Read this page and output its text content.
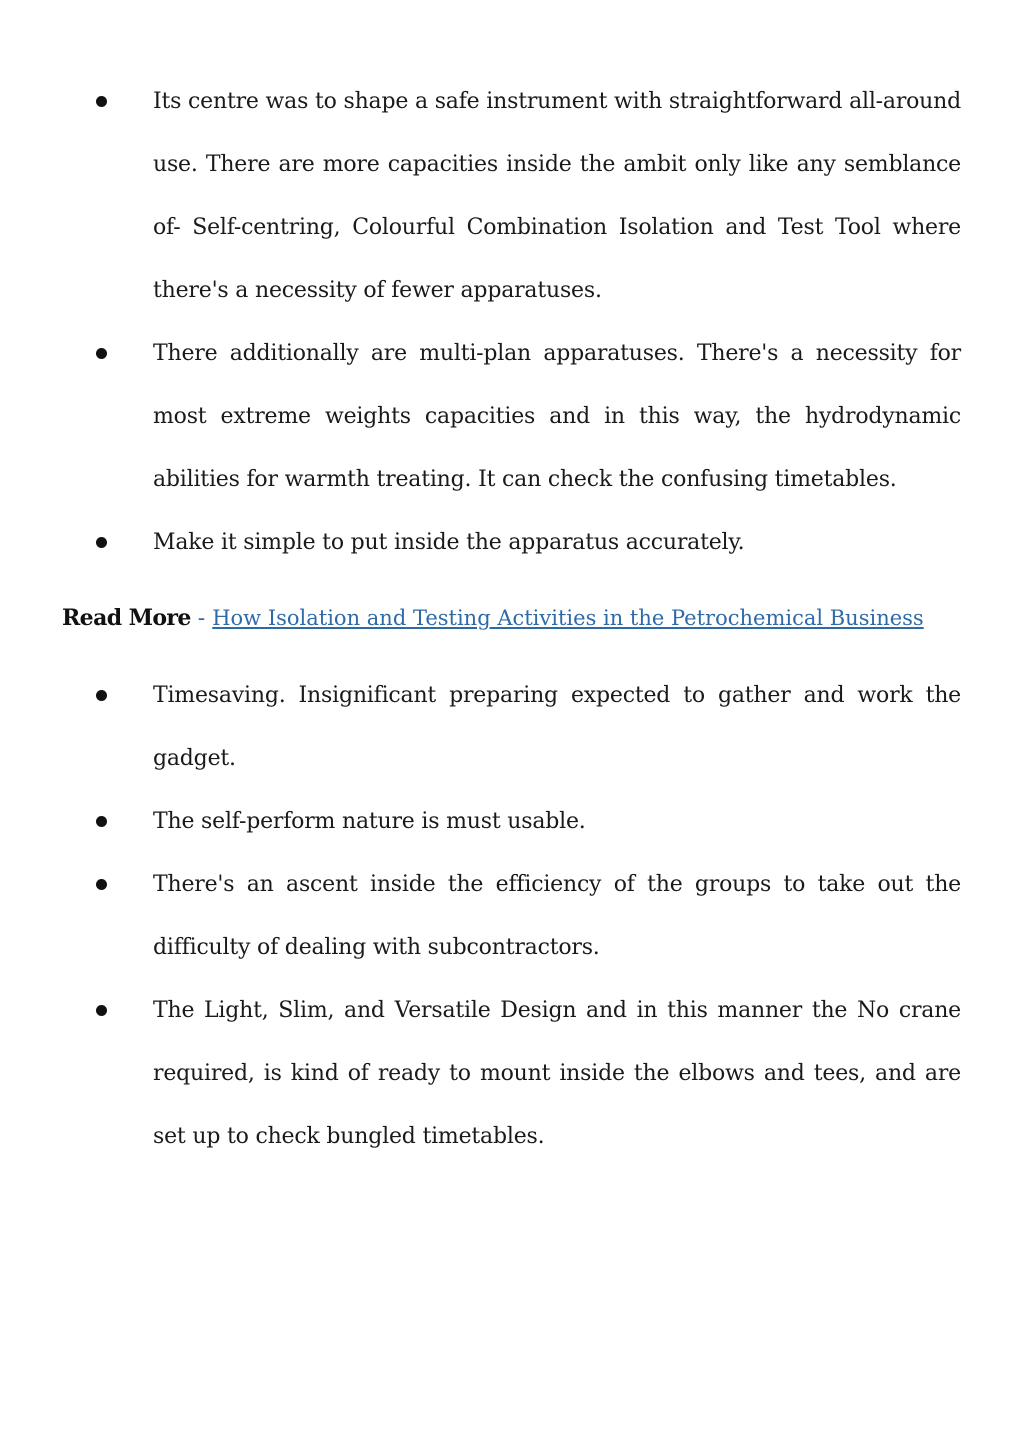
Its centre was to shape a safe instrument with straightforward all-around use. There are more capacities inside the ambit only like any semblance of- Self-centring, Colourful Combination Isolation and Test Tool where there's a necessity of fewer apparatuses.
There additionally are multi-plan apparatuses. There's a necessity for most extreme weights capacities and in this way, the hydrodynamic abilities for warmth treating. It can check the confusing timetables.
Make it simple to put inside the apparatus accurately.
Read More - How Isolation and Testing Activities in the Petrochemical Business
Timesaving. Insignificant preparing expected to gather and work the gadget.
The self-perform nature is must usable.
There's an ascent inside the efficiency of the groups to take out the difficulty of dealing with subcontractors.
The Light, Slim, and Versatile Design and in this manner the No crane required, is kind of ready to mount inside the elbows and tees, and are set up to check bungled timetables.
